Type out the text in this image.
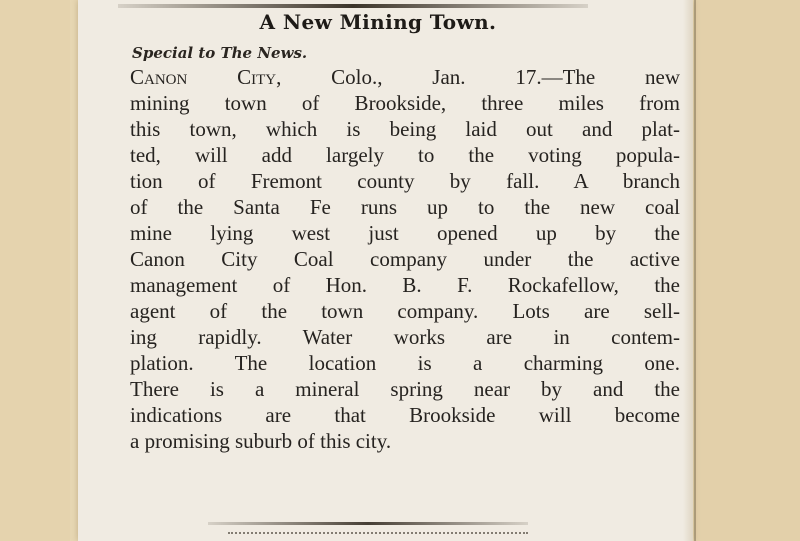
A New Mining Town.

Special to The News.

Canon City, Colo., Jan. 17.—The new
mining town of Brookside, three miles from
this town, which is being laid out and plat-
ted, will add largely to the voting popula-
tion of Fremont county by fall. A branch
of the Santa Fe runs up to the new coal
mine lying west just opened up by the
Canon City Coal company under the active
management of Hon. B. F. Rockafellow, the
agent of the town company. Lots are sell-
ing rapidly. Water works are in contem-
plation. The location is a charming one.
There is a mineral spring near by and the
indications are that Brookside will become
a promising suburb of this city.
